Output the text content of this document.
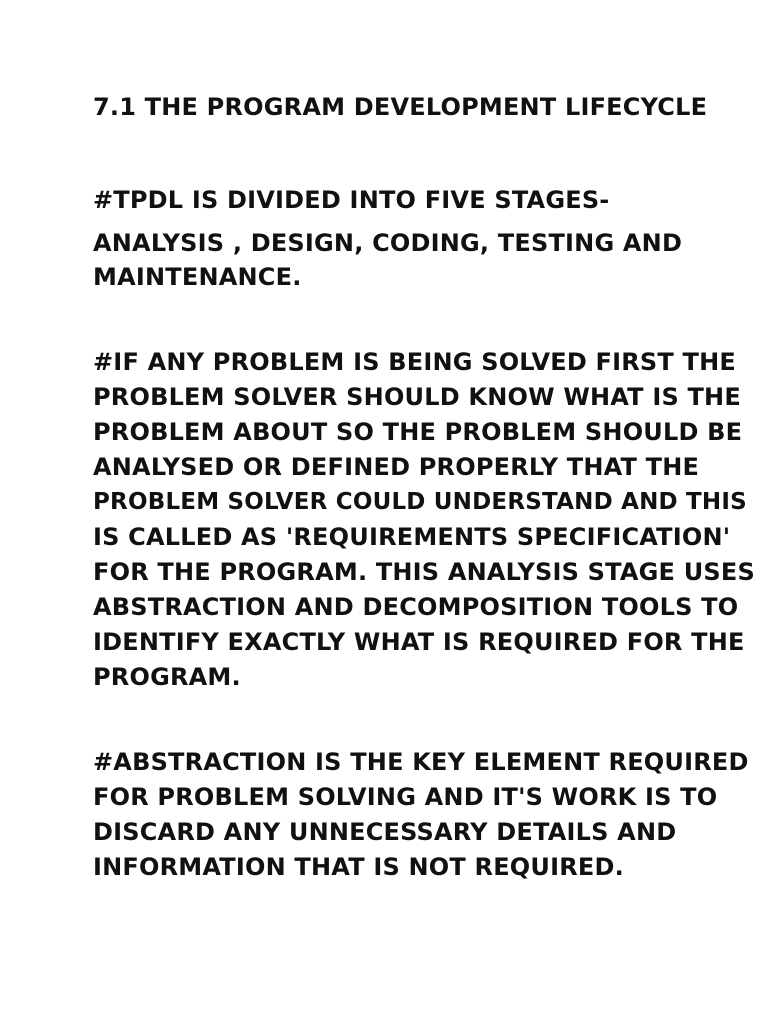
7.1 THE PROGRAM DEVELOPMENT LIFECYCLE

#TPDL IS DIVIDED INTO FIVE STAGES-

ANALYSIS , DESIGN, CODING, TESTING AND

MAINTENANCE.

#IF ANY PROBLEM IS BEING SOLVED FIRST THE

PROBLEM SOLVER SHOULD KNOW WHAT IS THE

PROBLEM ABOUT SO THE PROBLEM SHOULD BE

ANALYSED OR DEFINED PROPERLY THAT THE

PROBLEM SOLVER COULD UNDERSTAND AND THIS

IS CALLED AS 'REQUIREMENTS SPECIFICATION'

FOR THE PROGRAM. THIS ANALYSIS STAGE USES

ABSTRACTION AND DECOMPOSITION TOOLS TO

IDENTIFY EXACTLY WHAT IS REQUIRED FOR THE

PROGRAM.

#ABSTRACTION IS THE KEY ELEMENT REQUIRED

FOR PROBLEM SOLVING AND IT'S WORK IS TO

DISCARD ANY UNNECESSARY DETAILS AND

INFORMATION THAT IS NOT REQUIRED.
